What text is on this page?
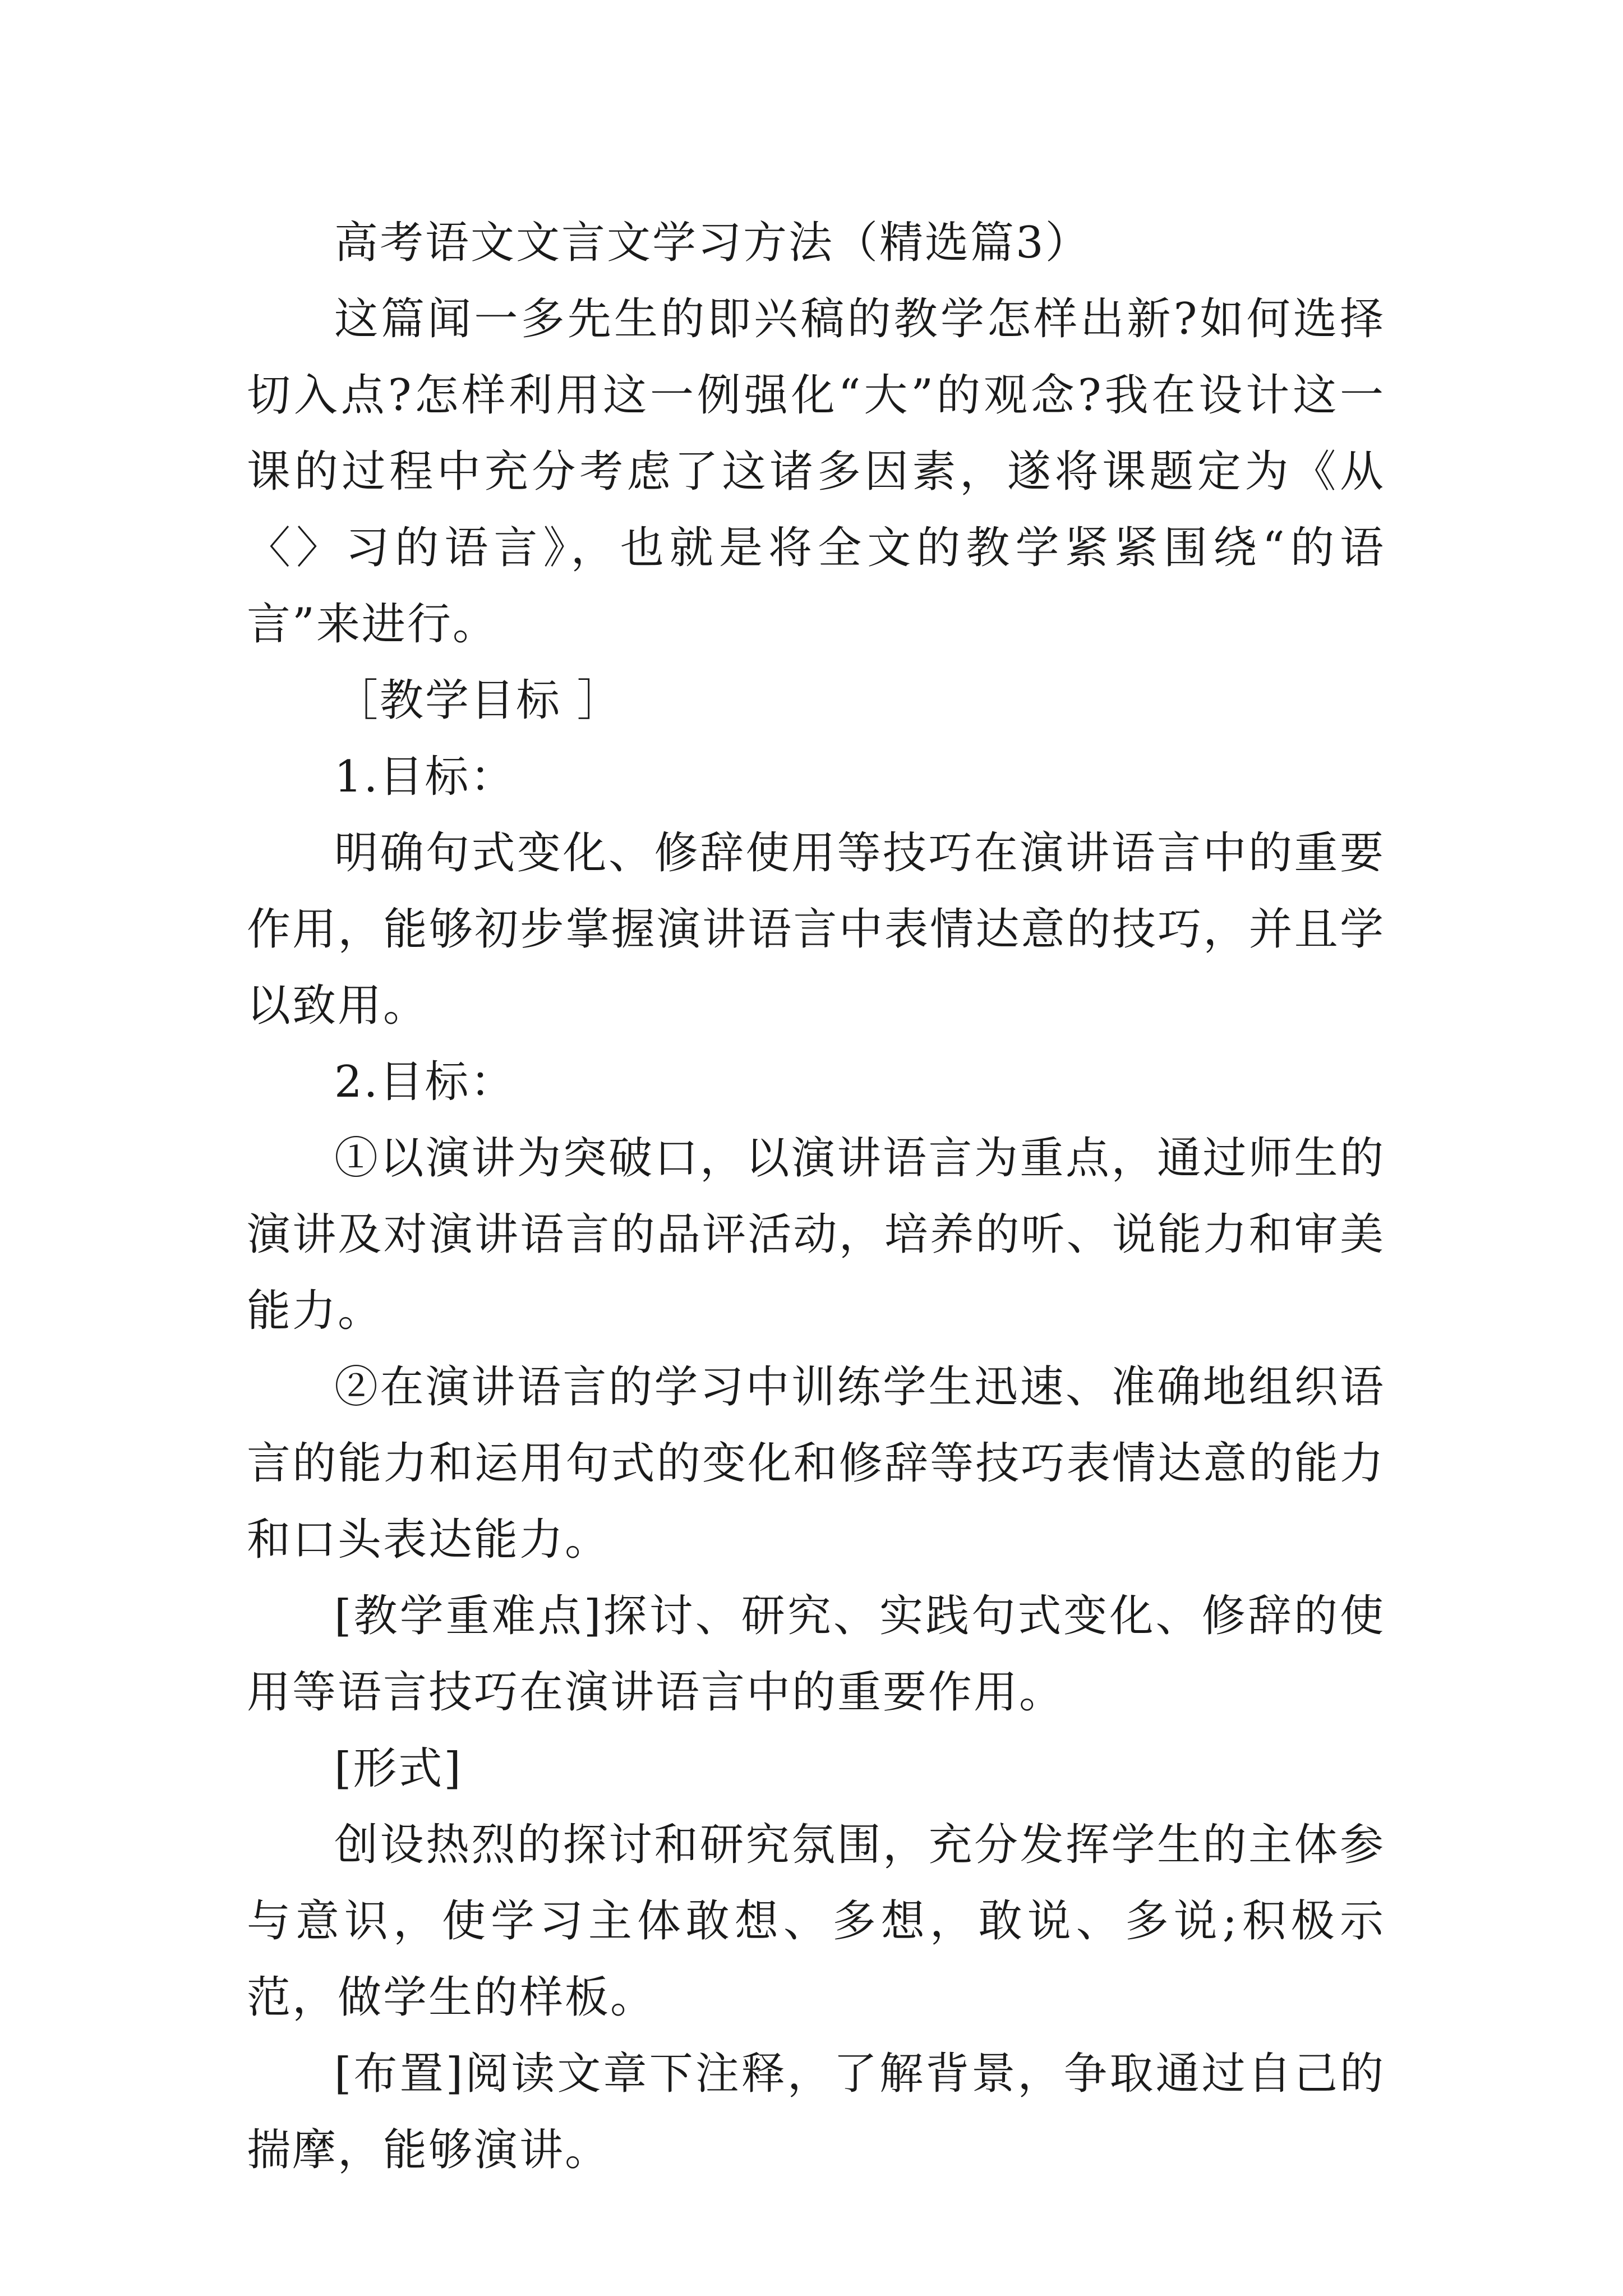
高考语文文言文学习方法（精选篇3）

这篇闻一多先生的即兴稿的教学怎样出新?如何选择切入点?怎样利用这一例强化“大”的观念?我在设计这一课的过程中充分考虑了这诸多因素，遂将课题定为《从〈〉习的语言》，也就是将全文的教学紧紧围绕“的语言”来进行。

［教学目标 ］

1.目标：

明确句式变化、修辞使用等技巧在演讲语言中的重要作用，能够初步掌握演讲语言中表情达意的技巧，并且学以致用。

2.目标：

①以演讲为突破口，以演讲语言为重点，通过师生的演讲及对演讲语言的品评活动，培养的听、说能力和审美能力。

②在演讲语言的学习中训练学生迅速、准确地组织语言的能力和运用句式的变化和修辞等技巧表情达意的能力和口头表达能力。

[教学重难点]探讨、研究、实践句式变化、修辞的使用等语言技巧在演讲语言中的重要作用。

[形式]

创设热烈的探讨和研究氛围，充分发挥学生的主体参与意识，使学习主体敢想、多想，敢说、多说;积极示范，做学生的样板。

[布置]阅读文章下注释，了解背景，争取通过自己的揣摩，能够演讲。
